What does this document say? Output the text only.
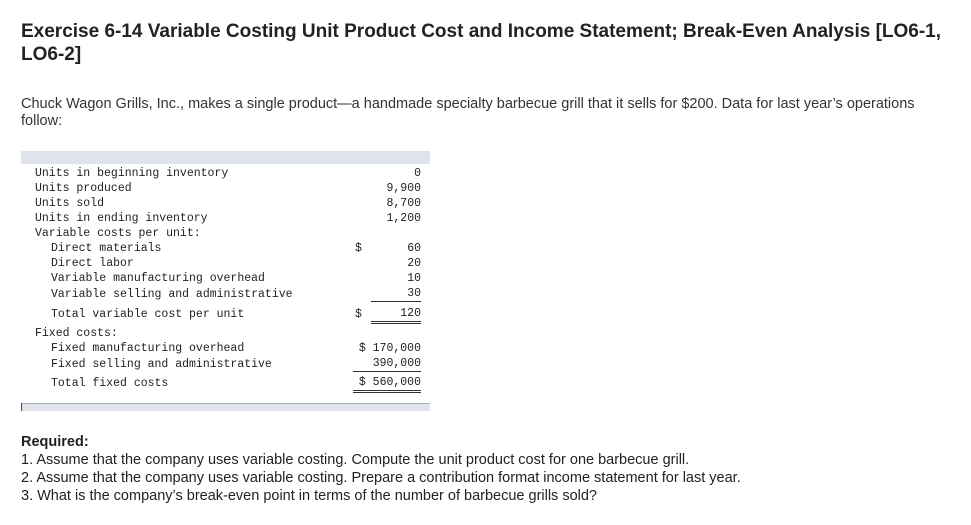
Exercise 6-14 Variable Costing Unit Product Cost and Income Statement; Break-Even Analysis [LO6-1, LO6-2]
Chuck Wagon Grills, Inc., makes a single product—a handmade specialty barbecue grill that it sells for $200. Data for last year’s operations follow:
Units in beginning inventory	0
Units produced	9,900
Units sold	8,700
Units in ending inventory	1,200
Variable costs per unit:
Direct materials	$	60
Direct labor	20
Variable manufacturing overhead	10
Variable selling and administrative	30
Total variable cost per unit	$	120
Fixed costs:
Fixed manufacturing overhead	$ 170,000
Fixed selling and administrative	390,000
Total fixed costs	$ 560,000
Required:
1. Assume that the company uses variable costing. Compute the unit product cost for one barbecue grill.
2. Assume that the company uses variable costing. Prepare a contribution format income statement for last year.
3. What is the company’s break-even point in terms of the number of barbecue grills sold?
